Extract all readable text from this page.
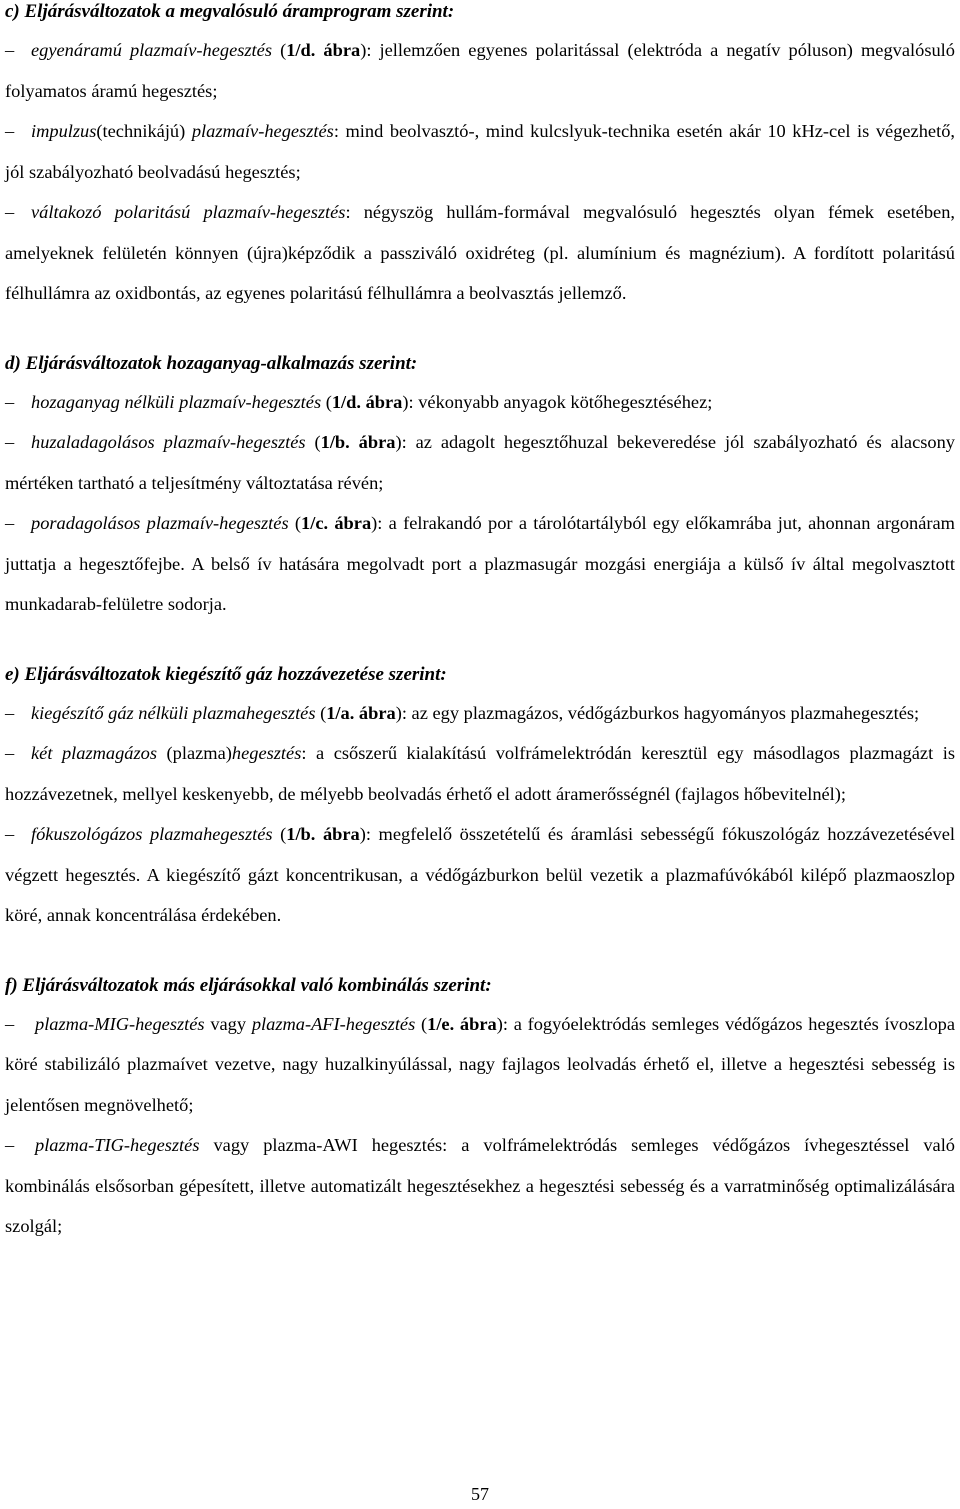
c) Eljárásváltozatok a megvalósuló áramprogram szerint:

– egyenáramú plazmaív-hegesztés (1/d. ábra): jellemzően egyenes polaritással (elektróda a negatív póluson) megvalósuló folyamatos áramú hegesztés;

– impulzus(technikájú) plazmaív-hegesztés: mind beolvasztó-, mind kulcslyuk-technika esetén akár 10 kHz-cel is végezhető, jól szabályozható beolvadású hegesztés;

– váltakozó polaritású plazmaív-hegesztés: négyszög hullám-formával megvalósuló hegesztés olyan fémek esetében, amelyeknek felületén könnyen (újra)képződik a passziváló oxidréteg (pl. alumínium és magnézium). A fordított polaritású félhullámra az oxidbontás, az egyenes polaritású félhullámra a beolvasztás jellemző.

d) Eljárásváltozatok hozaganyag-alkalmazás szerint:

– hozaganyag nélküli plazmaív-hegesztés (1/d. ábra): vékonyabb anyagok kötőhegesztéséhez;

– huzaladagolásos plazmaív-hegesztés (1/b. ábra): az adagolt hegesztőhuzal bekeveredése jól szabályozható és alacsony mértéken tartható a teljesítmény változtatása révén;

– poradagolásos plazmaív-hegesztés (1/c. ábra): a felrakandó por a tárolótartályból egy előkamrába jut, ahonnan argonáram juttatja a hegesztőfejbe. A belső ív hatására megolvadt port a plazmasugár mozgási energiája a külső ív által megolvasztott munkadarab-felületre sodorja.

e) Eljárásváltozatok kiegészítő gáz hozzávezetése szerint:

– kiegészítő gáz nélküli plazmahegesztés (1/a. ábra): az egy plazmagázos, védőgázburkos hagyományos plazmahegesztés;

– két plazmagázos (plazma)hegesztés: a csőszerű kialakítású volfrámelektródán keresztül egy másodlagos plazmagázt is hozzávezetnek, mellyel keskenyebb, de mélyebb beolvadás érhető el adott áramerősségnél (fajlagos hőbevitelnél);

– fókuszológázos plazmahegesztés (1/b. ábra): megfelelő összetételű és áramlási sebességű fókuszológáz hozzávezetésével végzett hegesztés. A kiegészítő gázt koncentrikusan, a védőgázburkon belül vezetik a plazmafúvókából kilépő plazmaoszlop köré, annak koncentrálása érdekében.

f) Eljárásváltozatok más eljárásokkal való kombinálás szerint:

– plazma-MIG-hegesztés vagy plazma-AFI-hegesztés (1/e. ábra): a fogyóelektródás semleges védőgázos hegesztés ívoszlopa köré stabilizáló plazmaívet vezetve, nagy huzalkinyúlással, nagy fajlagos leolvadás érhető el, illetve a hegesztési sebesség is jelentősen megnövelhető;

– plazma-TIG-hegesztés vagy plazma-AWI hegesztés: a volfrámelektródás semleges védőgázos ívhegesztéssel való kombinálás elsősorban gépesített, illetve automatizált hegesztésekhez a hegesztési sebesség és a varratminőség optimalizálására szolgál;

57
